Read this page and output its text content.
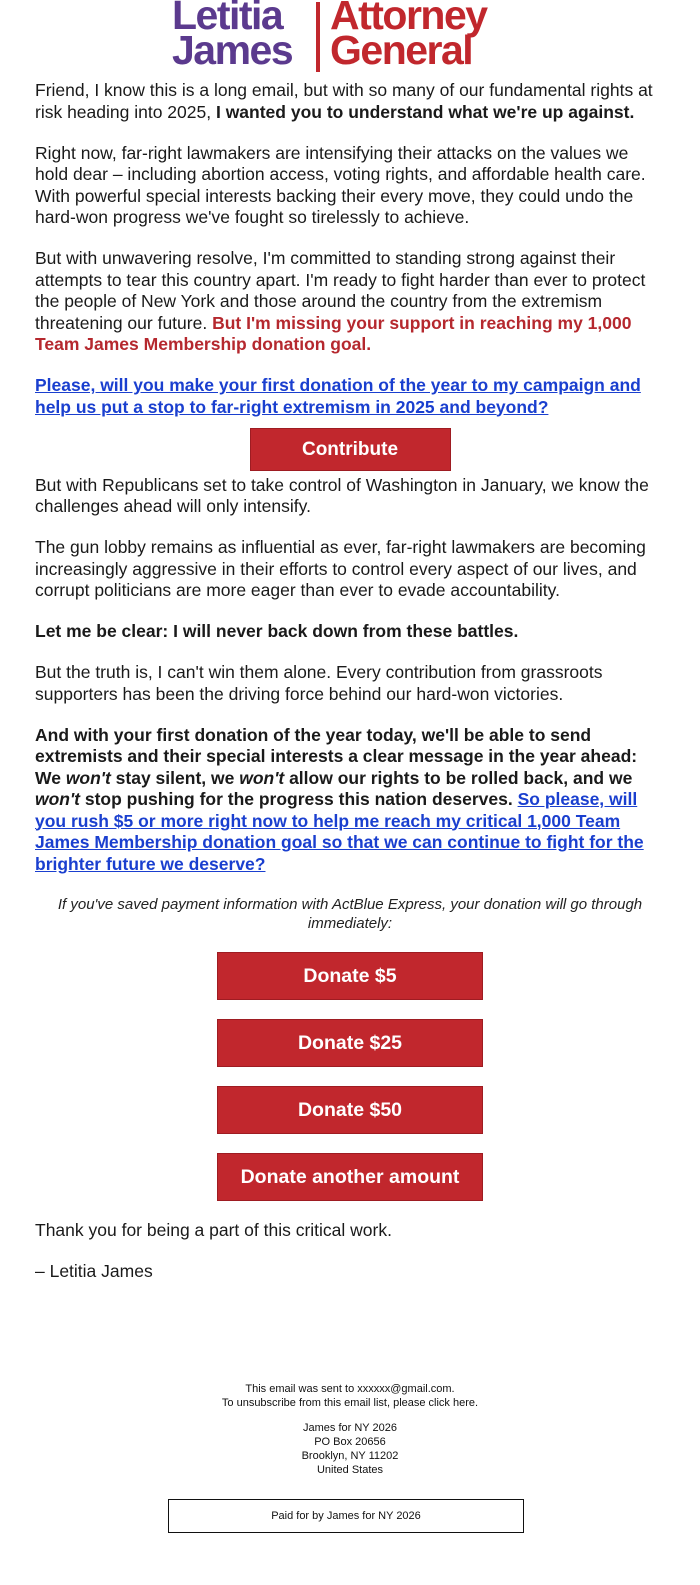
Letitia
James
Attorney
General

Friend, I know this is a long email, but with so many of our fundamental rights at risk heading into 2025, I wanted you to understand what we're up against.

Right now, far-right lawmakers are intensifying their attacks on the values we hold dear – including abortion access, voting rights, and affordable health care. With powerful special interests backing their every move, they could undo the hard-won progress we've fought so tirelessly to achieve.

But with unwavering resolve, I'm committed to standing strong against their attempts to tear this country apart. I'm ready to fight harder than ever to protect the people of New York and those around the country from the extremism threatening our future. But I'm missing your support in reaching my 1,000 Team James Membership donation goal.

Please, will you make your first donation of the year to my campaign and help us put a stop to far-right extremism in 2025 and beyond?

Contribute

But with Republicans set to take control of Washington in January, we know the challenges ahead will only intensify.

The gun lobby remains as influential as ever, far-right lawmakers are becoming increasingly aggressive in their efforts to control every aspect of our lives, and corrupt politicians are more eager than ever to evade accountability.

Let me be clear: I will never back down from these battles.

But the truth is, I can't win them alone. Every contribution from grassroots supporters has been the driving force behind our hard-won victories.

And with your first donation of the year today, we'll be able to send extremists and their special interests a clear message in the year ahead: We won't stay silent, we won't allow our rights to be rolled back, and we won't stop pushing for the progress this nation deserves. So please, will you rush $5 or more right now to help me reach my critical 1,000 Team James Membership donation goal so that we can continue to fight for the brighter future we deserve?

If you've saved payment information with ActBlue Express, your donation will go through immediately:

Donate $5
Donate $25
Donate $50
Donate another amount

Thank you for being a part of this critical work.

– Letitia James

This email was sent to xxxxxx@gmail.com.

To unsubscribe from this email list, please click here.

James for NY 2026

PO Box 20656

Brooklyn, NY 11202

United States

Paid for by James for NY 2026
